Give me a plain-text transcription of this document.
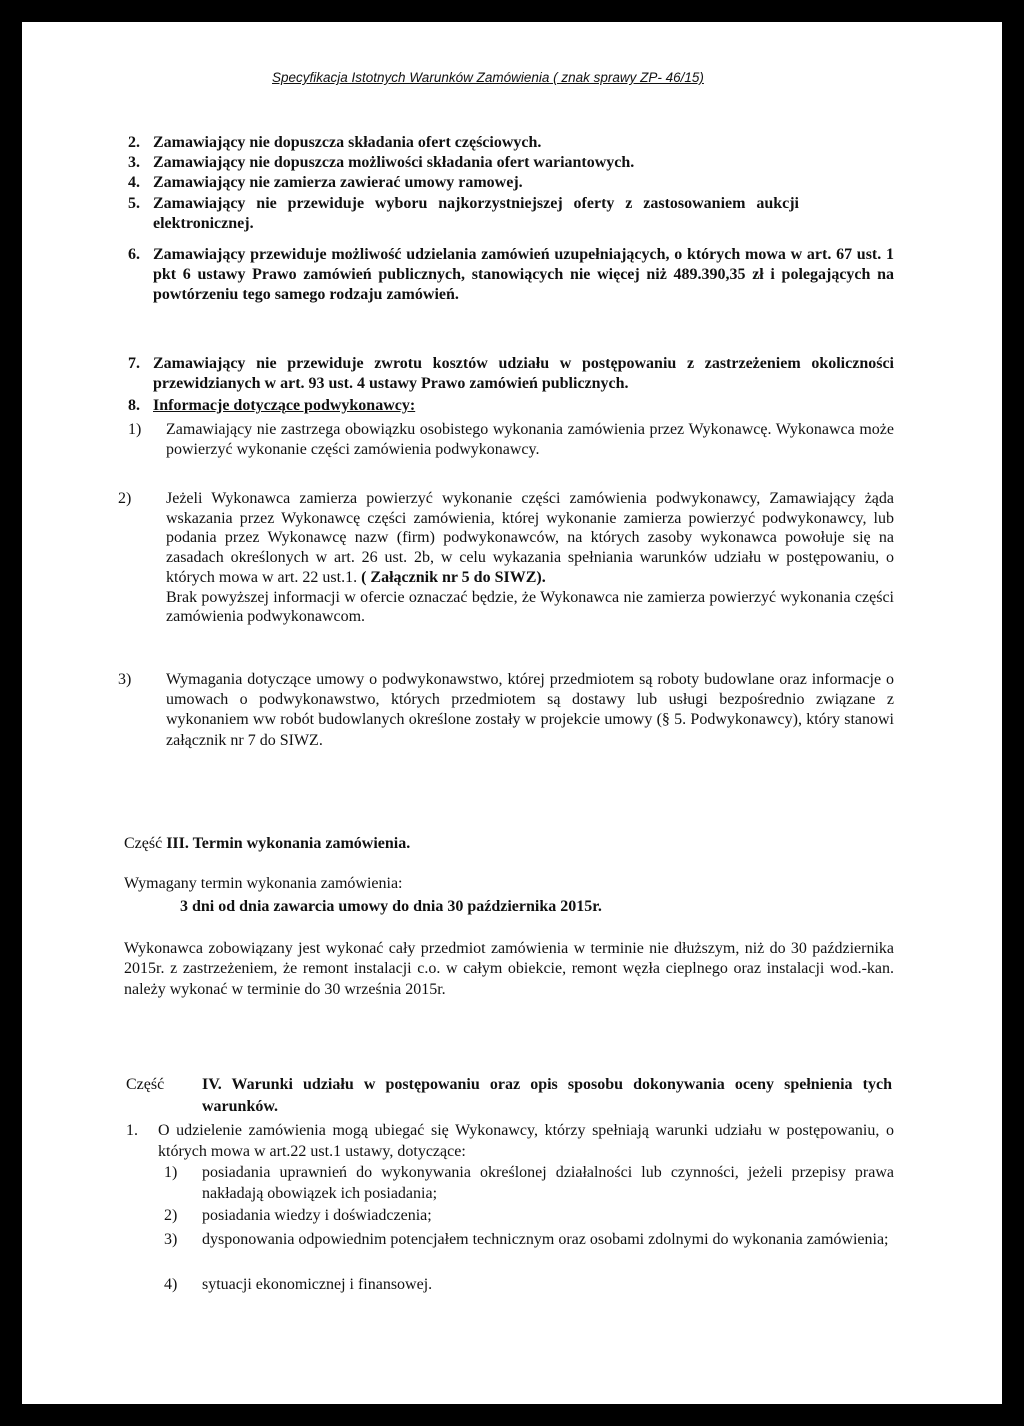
Specyfikacja Istotnych Warunków Zamówienia ( znak sprawy ZP- 46/15)
2. Zamawiający nie dopuszcza składania ofert częściowych.
3. Zamawiający nie dopuszcza możliwości składania ofert wariantowych.
4. Zamawiający nie zamierza zawierać umowy ramowej.
5. Zamawiający nie przewiduje wyboru najkorzystniejszej oferty z zastosowaniem aukcji elektronicznej.
6. Zamawiający przewiduje możliwość udzielania zamówień uzupełniających, o których mowa w art. 67 ust. 1 pkt 6 ustawy Prawo zamówień publicznych, stanowiących nie więcej niż 489.390,35 zł i polegających na powtórzeniu tego samego rodzaju zamówień.
7. Zamawiający nie przewiduje zwrotu kosztów udziału w postępowaniu z zastrzeżeniem okoliczności przewidzianych w art. 93 ust. 4 ustawy Prawo zamówień publicznych.
8. Informacje dotyczące podwykonawcy:
1) Zamawiający nie zastrzega obowiązku osobistego wykonania zamówienia przez Wykonawcę. Wykonawca może powierzyć wykonanie części zamówienia podwykonawcy.
2) Jeżeli Wykonawca zamierza powierzyć wykonanie części zamówienia podwykonawcy, Zamawiający żąda wskazania przez Wykonawcę części zamówienia, której wykonanie zamierza powierzyć podwykonawcy, lub podania przez Wykonawcę nazw (firm) podwykonawców, na których zasoby wykonawca powołuje się na zasadach określonych w art. 26 ust. 2b, w celu wykazania spełniania warunków udziału w postępowaniu, o których mowa w art. 22 ust.1. ( Załącznik nr 5 do SIWZ).
Brak powyższej informacji w ofercie oznaczać będzie, że Wykonawca nie zamierza powierzyć wykonania części zamówienia podwykonawcom.
3) Wymagania dotyczące umowy o podwykonawstwo, której przedmiotem są roboty budowlane oraz informacje o umowach o podwykonawstwo, których przedmiotem są dostawy lub usługi bezpośrednio związane z wykonaniem ww robót budowlanych określone zostały w projekcie umowy (§ 5. Podwykonawcy), który stanowi załącznik nr 7 do SIWZ.
Część III. Termin wykonania zamówienia.
Wymagany termin wykonania zamówienia:
3 dni od dnia zawarcia umowy do dnia 30 października 2015r.
Wykonawca zobowiązany jest wykonać cały przedmiot zamówienia w terminie nie dłuższym, niż do 30 października 2015r. z zastrzeżeniem, że remont instalacji c.o. w całym obiekcie, remont węzła cieplnego oraz instalacji wod.-kan. należy wykonać w terminie do 30 września 2015r.
Część IV. Warunki udziału w postępowaniu oraz opis sposobu dokonywania oceny spełnienia tych warunków.
1. O udzielenie zamówienia mogą ubiegać się Wykonawcy, którzy spełniają warunki udziału w postępowaniu, o których mowa w art.22 ust.1 ustawy, dotyczące:
1) posiadania uprawnień do wykonywania określonej działalności lub czynności, jeżeli przepisy prawa nakładają obowiązek ich posiadania;
2) posiadania wiedzy i doświadczenia;
3) dysponowania odpowiednim potencjałem technicznym oraz osobami zdolnymi do wykonania zamówienia;
4) sytuacji ekonomicznej i finansowej.
